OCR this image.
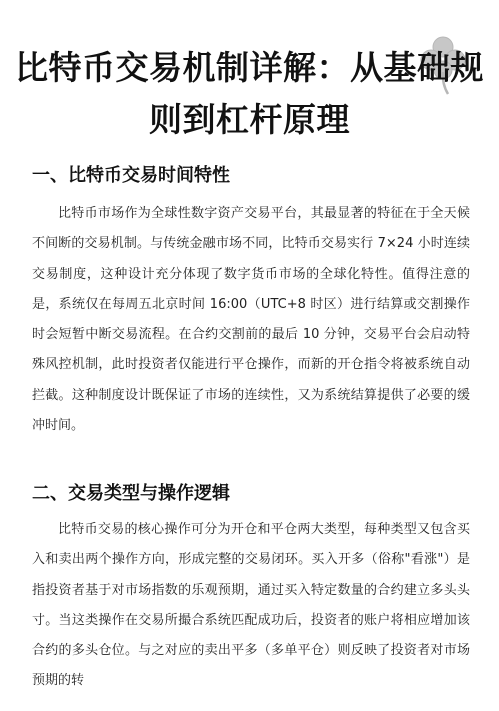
比特币交易机制详解：从基础规则到杠杆原理
一、比特币交易时间特性

比特币市场作为全球性数字资产交易平台，其最显著的特征在于全天候不间断的交易机制。与传统金融市场不同，比特币交易实行 7×24 小时连续交易制度，这种设计充分体现了数字货币市场的全球化特性。值得注意的是，系统仅在每周五北京时间 16:00（UTC+8 时区）进行结算或交割操作时会短暂中断交易流程。在合约交割前的最后 10 分钟，交易平台会启动特殊风控机制，此时投资者仅能进行平仓操作，而新的开仓指令将被系统自动拦截。这种制度设计既保证了市场的连续性，又为系统结算提供了必要的缓冲时间。

二、交易类型与操作逻辑

比特币交易的核心操作可分为开仓和平仓两大类型，每种类型又包含买入和卖出两个操作方向，形成完整的交易闭环。买入开多（俗称"看涨"）是指投资者基于对市场指数的乐观预期，通过买入特定数量的合约建立多头头寸。当这类操作在交易所撮合系统匹配成功后，投资者的账户将相应增加该合约的多头仓位。与之对应的卖出平多（多单平仓）则反映了投资者对市场预期的转
